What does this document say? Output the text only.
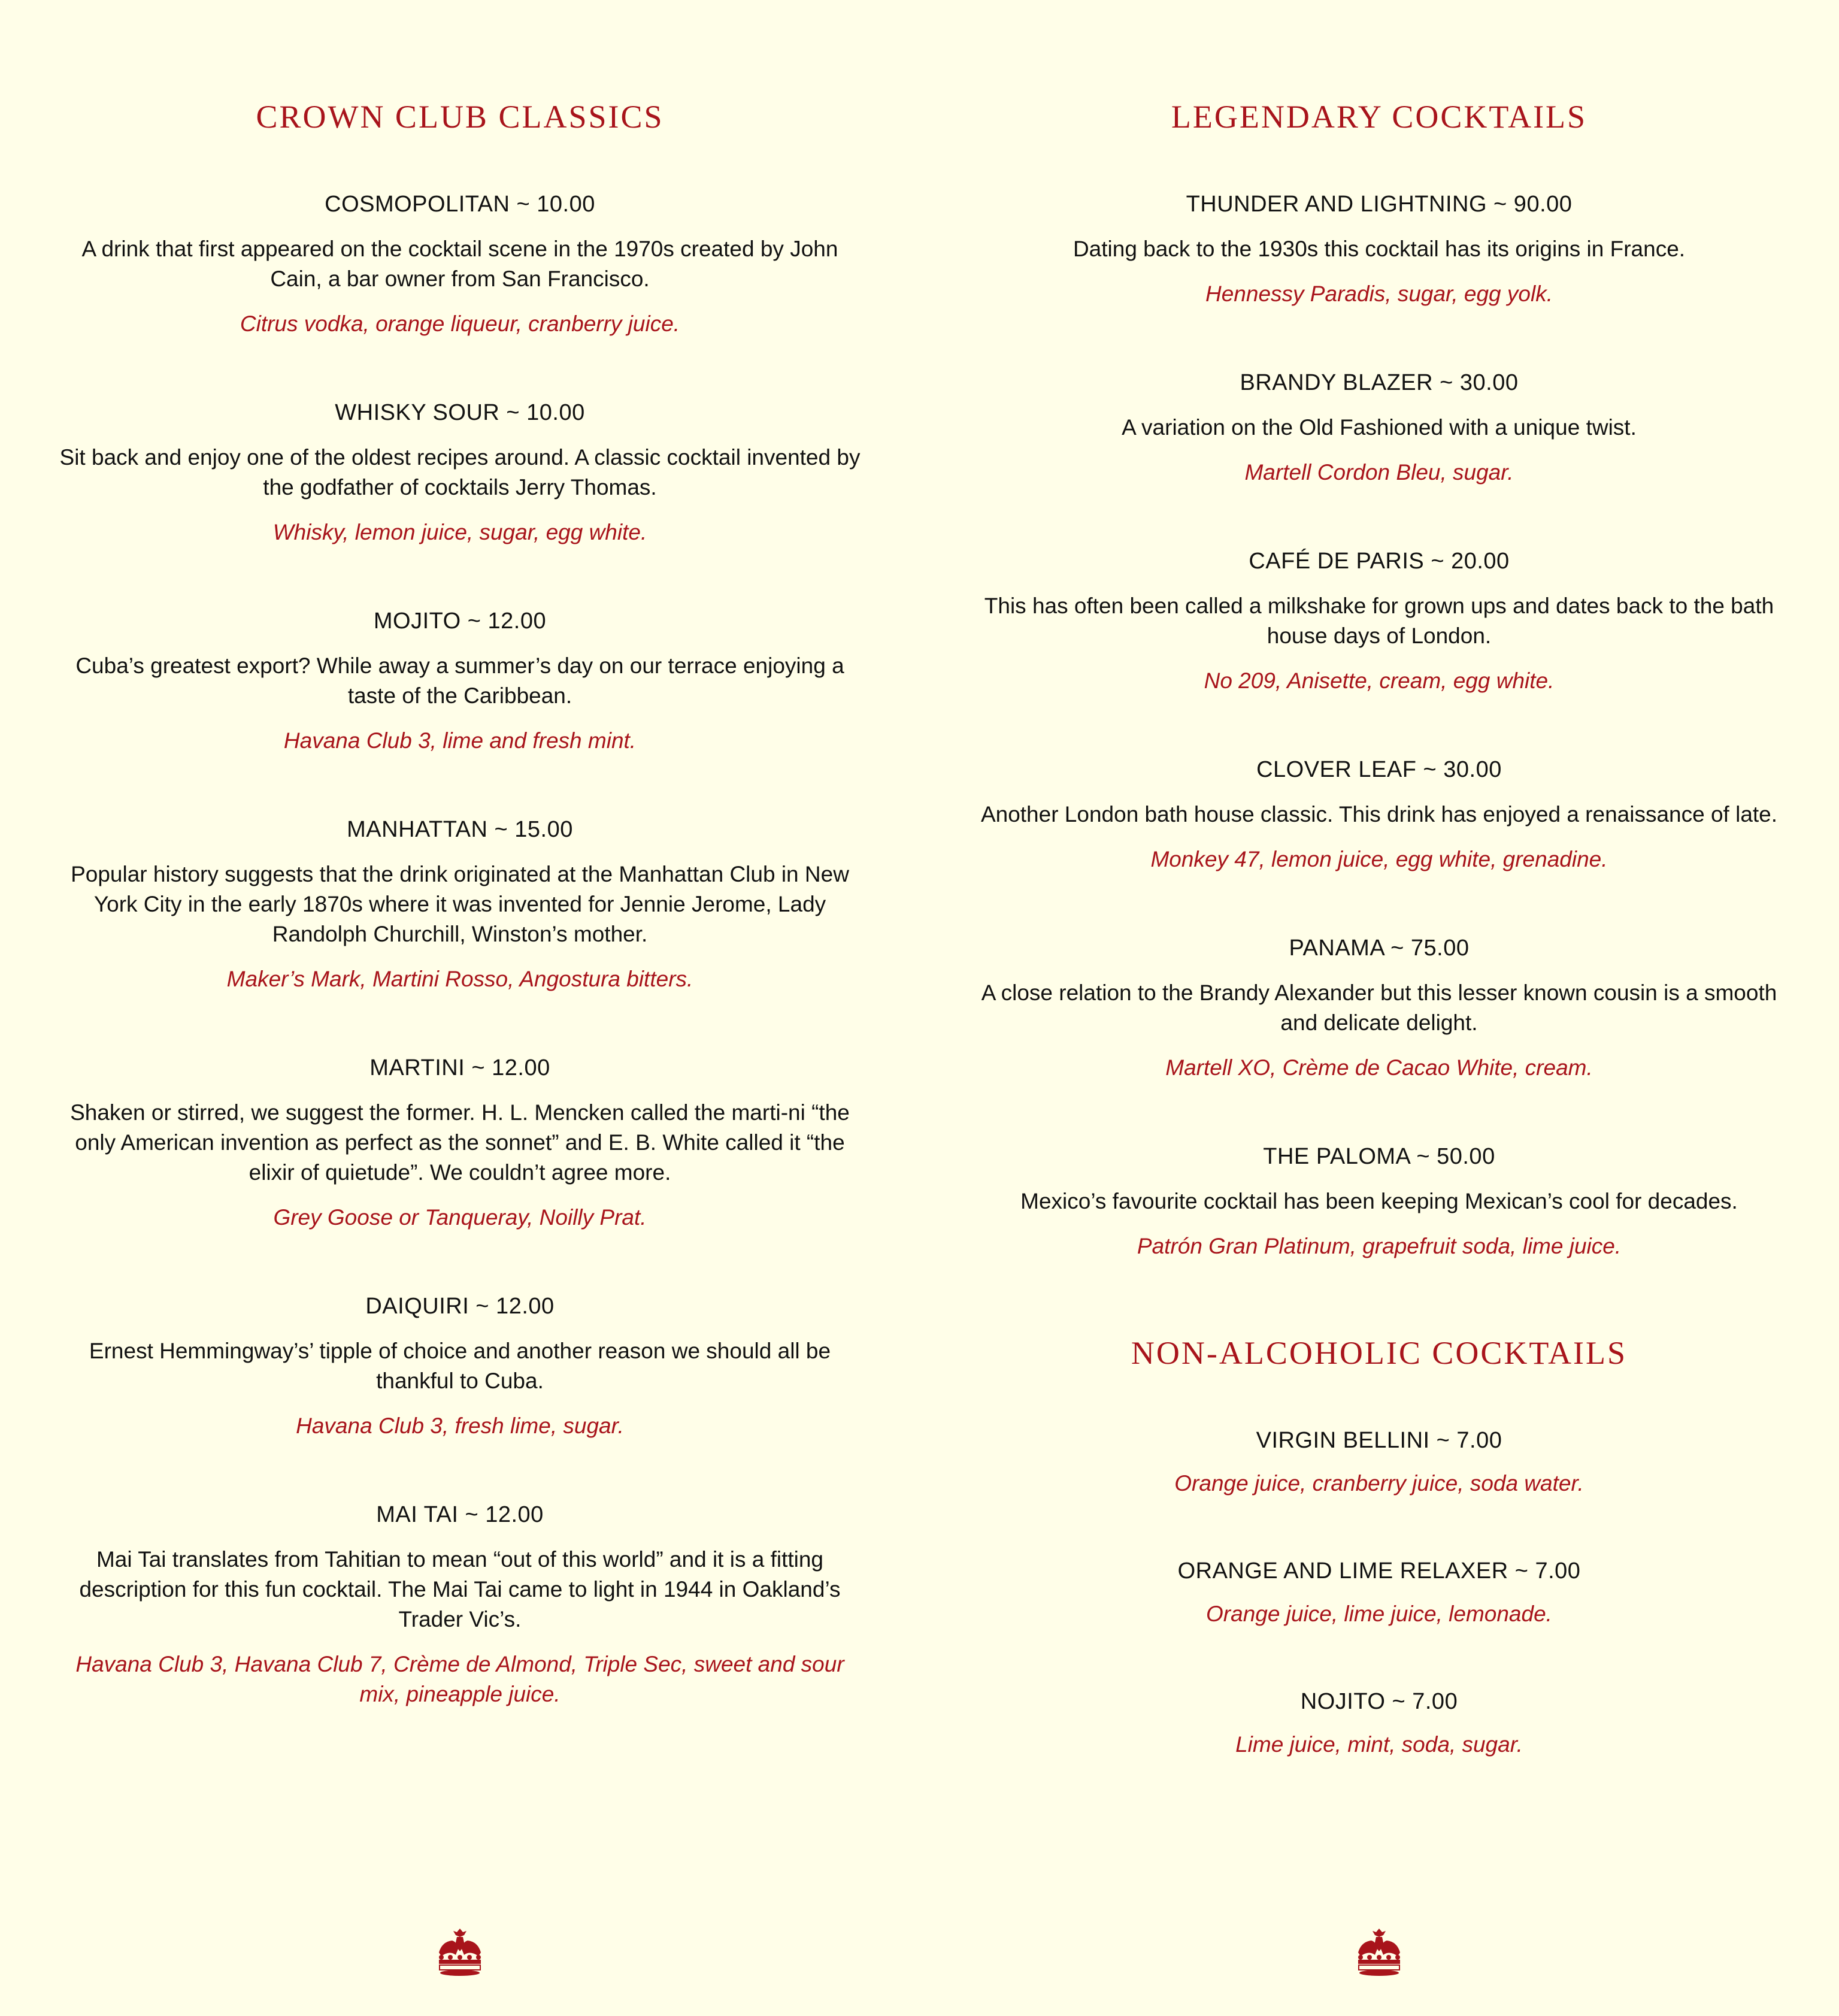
CROWN CLUB CLASSICS
COSMOPOLITAN ~ 10.00
A drink that first appeared on the cocktail scene in the 1970s created by John Cain, a bar owner from San Francisco.
Citrus vodka, orange liqueur, cranberry juice.
WHISKY SOUR ~ 10.00
Sit back and enjoy one of the oldest recipes around. A classic cocktail invented by the godfather of cocktails Jerry Thomas.
Whisky, lemon juice, sugar, egg white.
MOJITO ~ 12.00
Cuba’s greatest export? While away a summer’s day on our terrace enjoying a taste of the Caribbean.
Havana Club 3, lime and fresh mint.
MANHATTAN ~ 15.00
Popular history suggests that the drink originated at the Manhattan Club in New York City in the early 1870s where it was invented for Jennie Jerome, Lady Randolph Churchill, Winston’s mother.
Maker’s Mark, Martini Rosso, Angostura bitters.
MARTINI ~ 12.00
Shaken or stirred, we suggest the former. H. L. Mencken called the marti-ni “the only American invention as perfect as the sonnet” and E. B. White called it “the elixir of quietude”. We couldn’t agree more.
Grey Goose or Tanqueray, Noilly Prat.
DAIQUIRI ~ 12.00
Ernest Hemmingway’s’ tipple of choice and another reason we should all be thankful to Cuba.
Havana Club 3, fresh lime, sugar.
MAI TAI ~ 12.00
Mai Tai translates from Tahitian to mean “out of this world” and it is a fitting description for this fun cocktail. The Mai Tai came to light in 1944 in Oakland’s Trader Vic’s.
Havana Club 3, Havana Club 7, Crème de Almond, Triple Sec, sweet and sour mix, pineapple juice.
LEGENDARY COCKTAILS
THUNDER AND LIGHTNING ~ 90.00
Dating back to the 1930s this cocktail has its origins in France.
Hennessy Paradis, sugar, egg yolk.
BRANDY BLAZER ~ 30.00
A variation on the Old Fashioned with a unique twist.
Martell Cordon Bleu, sugar.
CAFÉ DE PARIS ~ 20.00
This has often been called a milkshake for grown ups and dates back to the bath house days of London.
No 209, Anisette, cream, egg white.
CLOVER LEAF ~ 30.00
Another London bath house classic. This drink has enjoyed a renaissance of late.
Monkey 47, lemon juice, egg white, grenadine.
PANAMA ~ 75.00
A close relation to the Brandy Alexander but this lesser known cousin is a smooth and delicate delight.
Martell XO, Crème de Cacao White, cream.
THE PALOMA ~ 50.00
Mexico’s favourite cocktail has been keeping Mexican’s cool for decades.
Patrón Gran Platinum, grapefruit soda, lime juice.
NON-ALCOHOLIC COCKTAILS
VIRGIN BELLINI ~ 7.00
Orange juice, cranberry juice, soda water.
ORANGE AND LIME RELAXER ~ 7.00
Orange juice, lime juice, lemonade.
NOJITO ~ 7.00
Lime juice, mint, soda, sugar.
